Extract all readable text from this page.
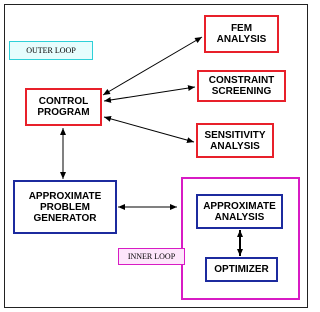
OUTER LOOP
FEM
ANALYSIS
CONSTRAINT
SCREENING
SENSITIVITY
ANALYSIS
CONTROL
PROGRAM
APPROXIMATE
PROBLEM
GENERATOR
APPROXIMATE
ANALYSIS
OPTIMIZER
INNER LOOP
